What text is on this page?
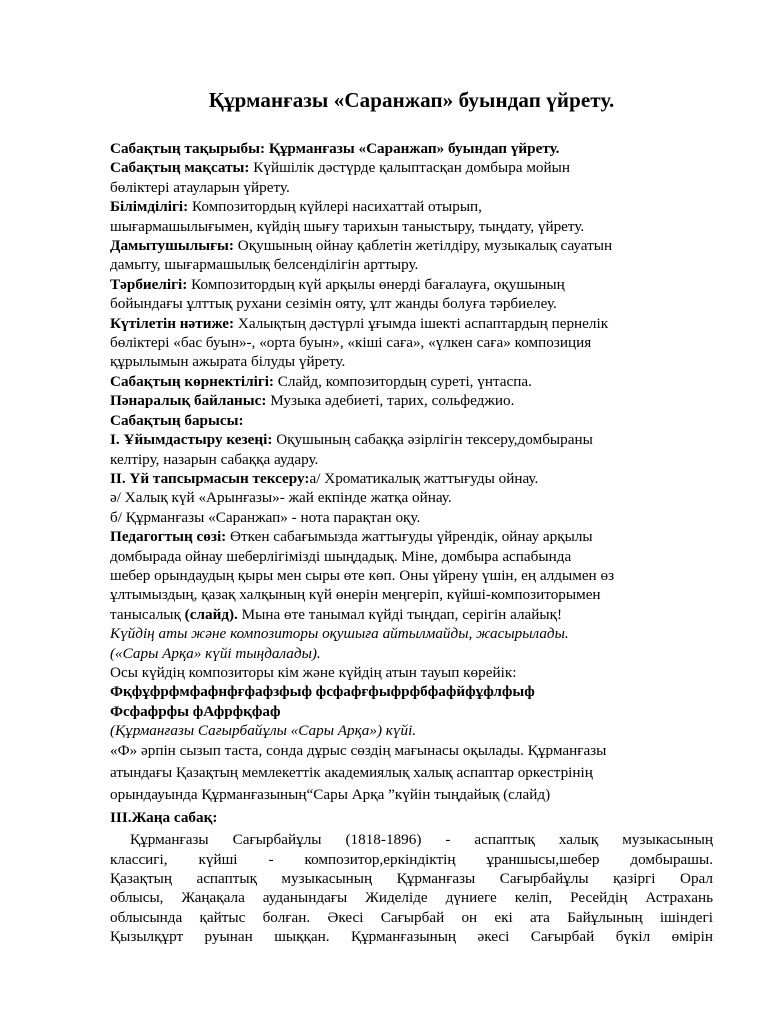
Құрманғазы «Саранжап» буындап үйрету.
Сабақтың тақырыбы: Құрманғазы «Саранжап» буындап үйрету.
Сабақтың мақсаты: Күйшілік дәстүрде қалыптасқан домбыра мойын
бөліктері атауларын үйрету.
Білімділігі: Композитордың күйлері насихаттай отырып,
шығармашылығымен, күйдің шығу тарихын таныстыру, тыңдату, үйрету.
Дамытушылығы: Оқушының ойнау қаблетін жетілдіру, музыкалық сауатын
дамыту, шығармашылық белсенділігін арттыру.
Тәрбиелігі: Композитордың күй арқылы өнерді бағалауға, оқушының
бойындағы ұлттық рухани сезімін ояту, ұлт жанды болуға тәрбиелеу.
Күтілетін нәтиже: Халықтың дәстүрлі ұғымда ішекті аспаптардың пернелік
бөліктері «бас буын»-, «орта буын», «кіші саға», «үлкен саға» композиция
құрылымын ажырата білуды үйрету.
Сабақтың көрнектілігі: Слайд, композитордың суреті, үнтаспа.
Пәнаралық байланыс: Музыка әдебиеті, тарих, сольфеджио.
Сабақтың барысы:
І. Ұйымдастыру кезеңі: Оқушының сабаққа әзірлігін тексеру,домбыраны
келтіру, назарын сабаққа аудару.
ІІ. Үй тапсырмасын тексеру:а/ Хроматикалық жаттығуды ойнау.
ә/ Халық күй «Арынғазы»- жай екпінде жатқа ойнау.
б/ Құрманғазы «Саранжап» - нота парақтан оқу.
Педагогтың сөзі: Өткен сабағымызда жаттығуды үйрендік, ойнау арқылы
домбырада ойнау шеберлігімізді шыңдадық. Міне, домбыра аспабында
шебер орындаудың қыры мен сыры өте көп. Оны үйрену үшін, ең алдымен өз
ұлтымыздың, қазақ халқының күй өнерін меңгеріп, күйші-композиторымен
танысалық (слайд). Мына өте танымал күйді тыңдап, серігін алайық!
Күйдің аты және композиторы оқушыға айтылмайды, жасырылады.
(«Сары Арқа» күйі тыңдалады).
Осы күйдің композиторы кім және күйдің атын тауып көрейік:
Фқфұфрфмфафнфғфафзфыф фсфафғфыфрфбфафйфұфлфыф
Фсфафрфы фАфрфқфаф
(Құрманғазы Сағырбайұлы «Сары Арқа») күйі.
«Ф» әрпін сызып таста, сонда дұрыс сөздің мағынасы оқылады. Құрманғазы
атындағы Қазақтың мемлекеттік академиялық халық аспаптар оркестрінің
орындауында Құрманғазының“Сары Арқа ”күйін тыңдайық (слайд)
ІІІ.Жаңа сабақ:
Құрманғазы Сағырбайұлы (1818-1896) - аспаптық халық музыкасының
классигі, күйші - композитор,еркіндіктің ұраншысы,шебер домбырашы.
Қазақтың аспаптық музыкасының Құрманғазы Сағырбайұлы қазіргі Орал
облысы, Жаңақала ауданындағы Жиделіде дүниеге келіп, Ресейдің Астрахань
облысында қайтыс болған. Әкесі Сағырбай он екі ата Байұлының ішіндегі
Қызылқұрт руынан шыққан. Құрманғазының әкесі Сағырбай бүкіл өмірін
